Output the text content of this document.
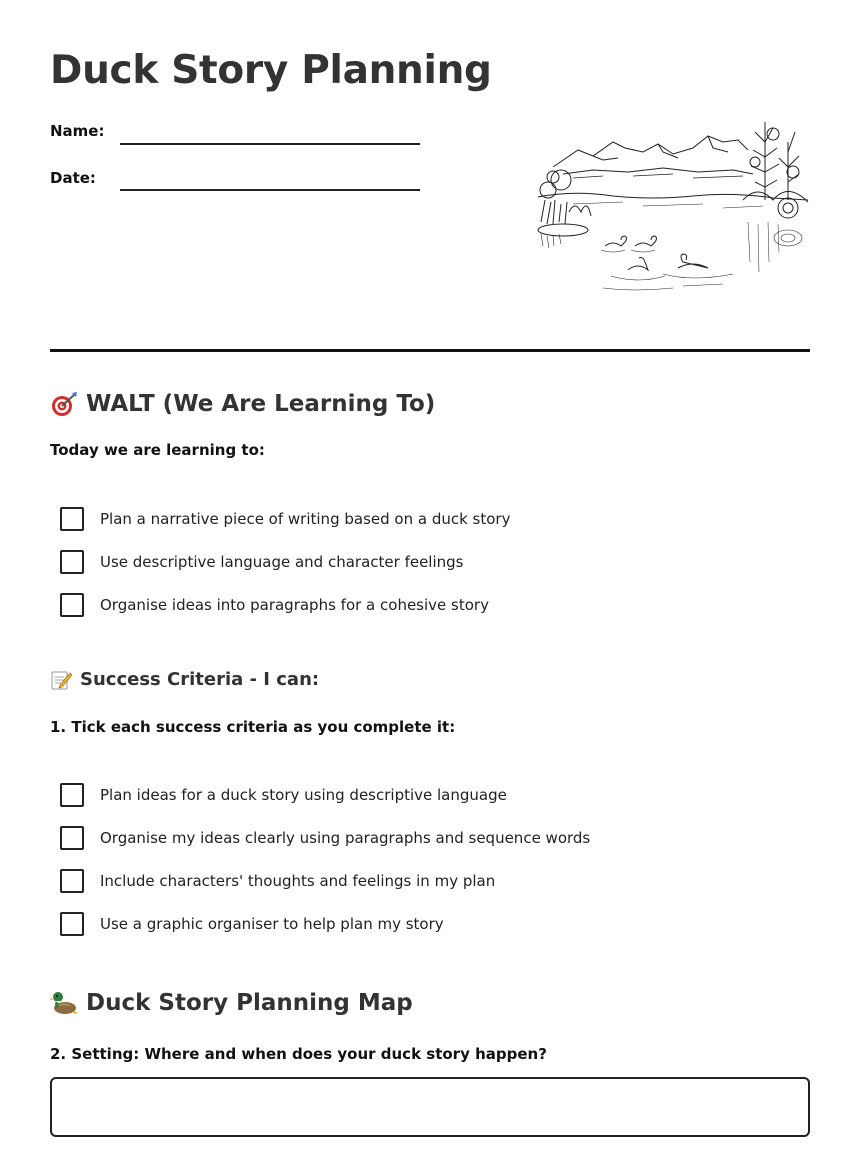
Duck Story Planning
Name:
Date:
WALT (We Are Learning To)
Today we are learning to:
Plan a narrative piece of writing based on a duck story
Use descriptive language and character feelings
Organise ideas into paragraphs for a cohesive story
Success Criteria - I can:
1. Tick each success criteria as you complete it:
Plan ideas for a duck story using descriptive language
Organise my ideas clearly using paragraphs and sequence words
Include characters' thoughts and feelings in my plan
Use a graphic organiser to help plan my story
Duck Story Planning Map
2. Setting: Where and when does your duck story happen?
